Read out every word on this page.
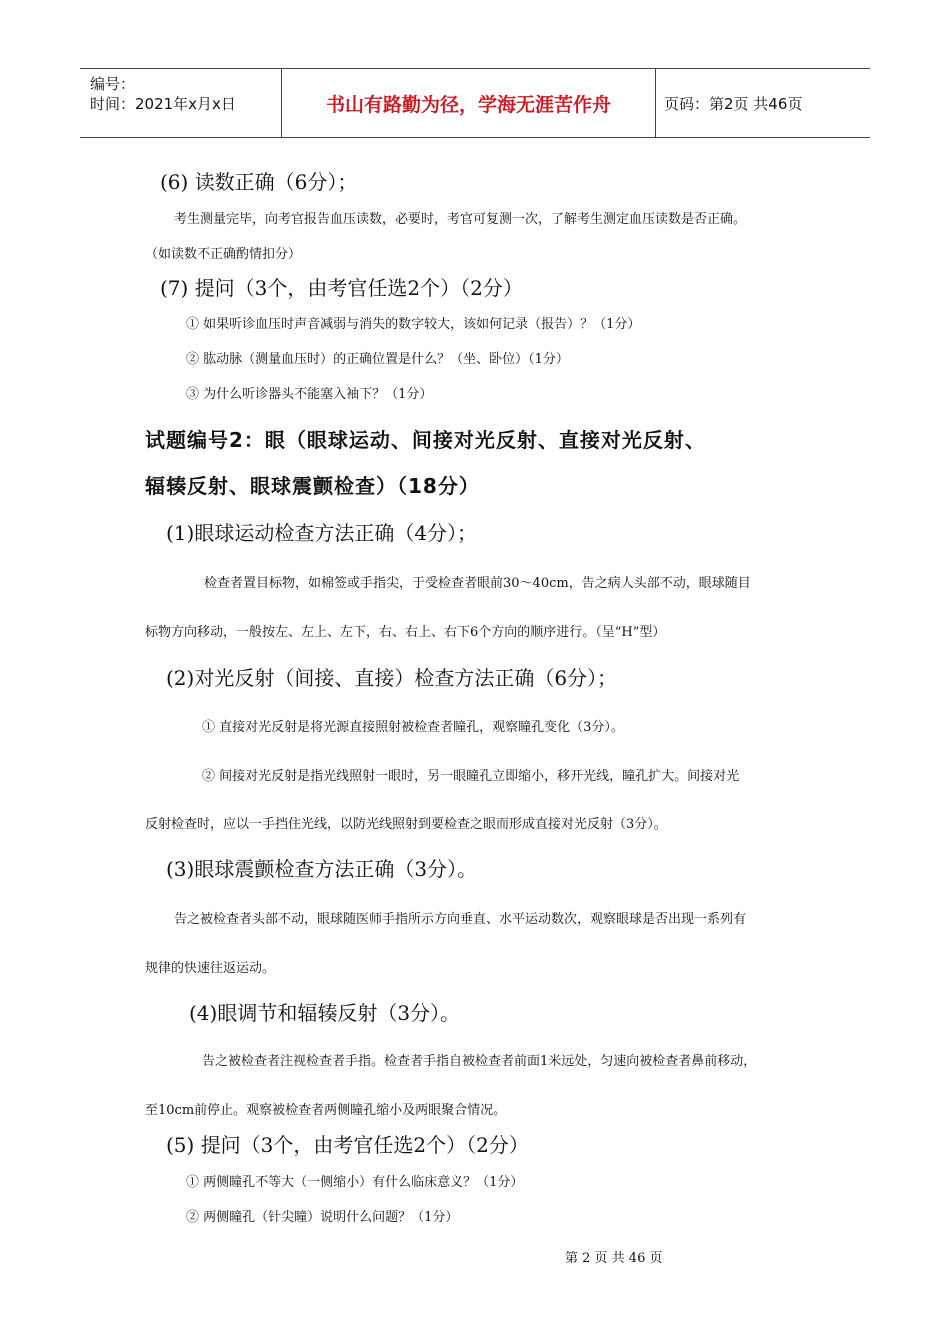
编号：
时间：2021年x月x日	书山有路勤为径，学海无涯苦作舟	页码：第2页 共46页
(6) 读数正确（6分）；
考生测量完毕，向考官报告血压读数，必要时，考官可复测一次，了解考生测定血压读数是否正确。
（如读数不正确酌情扣分）
(7) 提问（3个，由考官任选2个）（2分）
① 如果听诊血压时声音减弱与消失的数字较大，该如何记录（报告）？（1分）
② 肱动脉（测量血压时）的正确位置是什么？（坐、卧位）（1分）
③ 为什么听诊器头不能塞入袖下？（1分）
试题编号2：眼（眼球运动、间接对光反射、直接对光反射、
辐辏反射、眼球震颤检查）（18分）
(1)眼球运动检查方法正确（4分）；
检查者置目标物，如棉签或手指尖，于受检查者眼前30～40cm，告之病人头部不动，眼球随目
标物方向移动，一般按左、左上、左下，右、右上、右下6个方向的顺序进行。（呈“H”型）
(2)对光反射（间接、直接）检查方法正确（6分）；
① 直接对光反射是将光源直接照射被检查者瞳孔，观察瞳孔变化（3分）。
② 间接对光反射是指光线照射一眼时，另一眼瞳孔立即缩小，移开光线，瞳孔扩大。间接对光
反射检查时，应以一手挡住光线，以防光线照射到要检查之眼而形成直接对光反射（3分）。
(3)眼球震颤检查方法正确（3分）。
告之被检查者头部不动，眼球随医师手指所示方向垂直、水平运动数次，观察眼球是否出现一系列有
规律的快速往返运动。
(4)眼调节和辐辏反射（3分）。
告之被检查者注视检查者手指。检查者手指自被检查者前面1米远处，匀速向被检查者鼻前移动，
至10cm前停止。观察被检查者两侧瞳孔缩小及两眼聚合情况。
(5) 提问（3个，由考官任选2个）（2分）
① 两侧瞳孔不等大（一侧缩小）有什么临床意义？（1分）
② 两侧瞳孔（针尖瞳）说明什么问题？（1分）
第 2 页 共 46 页
